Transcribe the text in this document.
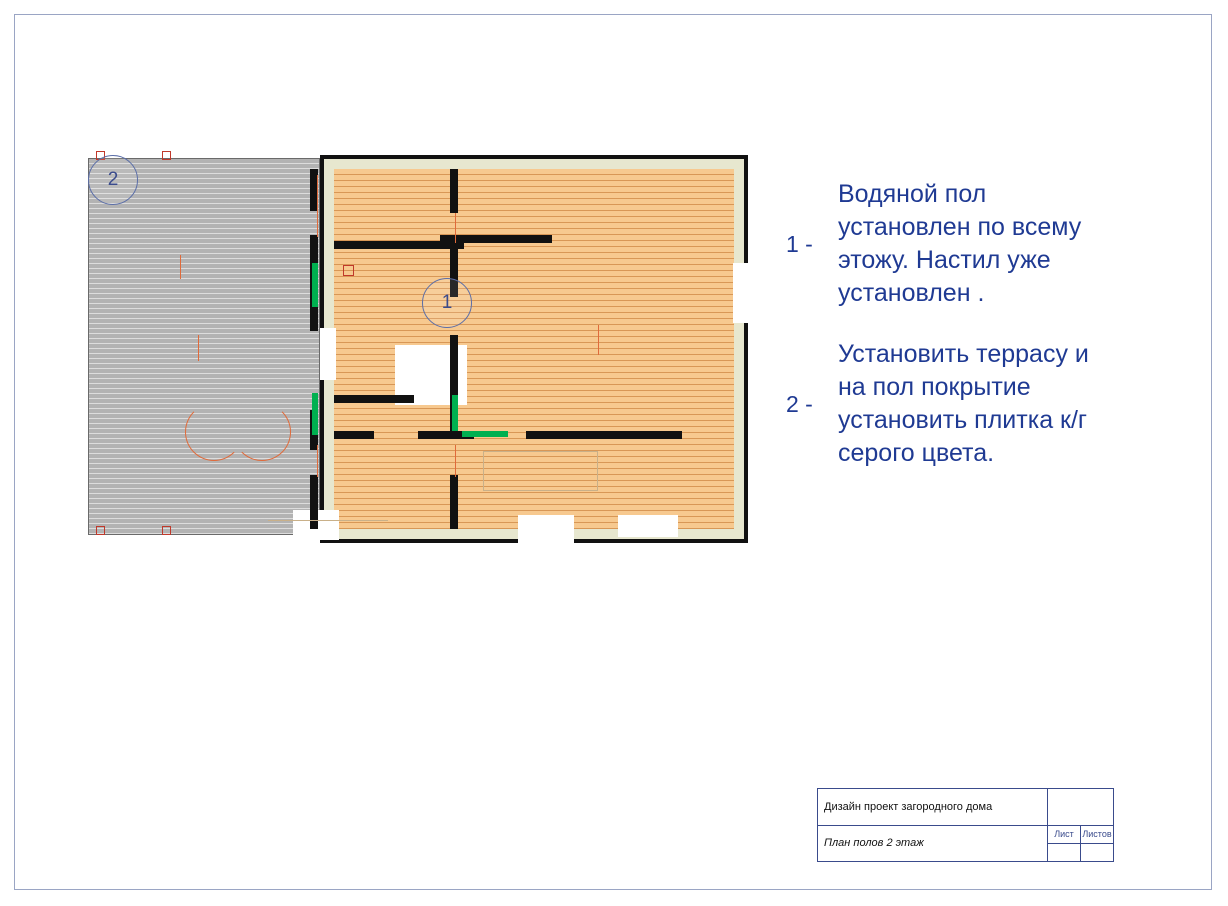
2
1
1 -
Водяной пол установлен по всему этожу. Настил уже установлен .
2 -
Установить террасу и на пол покрытие установить плитка к/г серого цвета.
Дизайн проект загородного дома
План полов 2 этаж
Лист Листов
